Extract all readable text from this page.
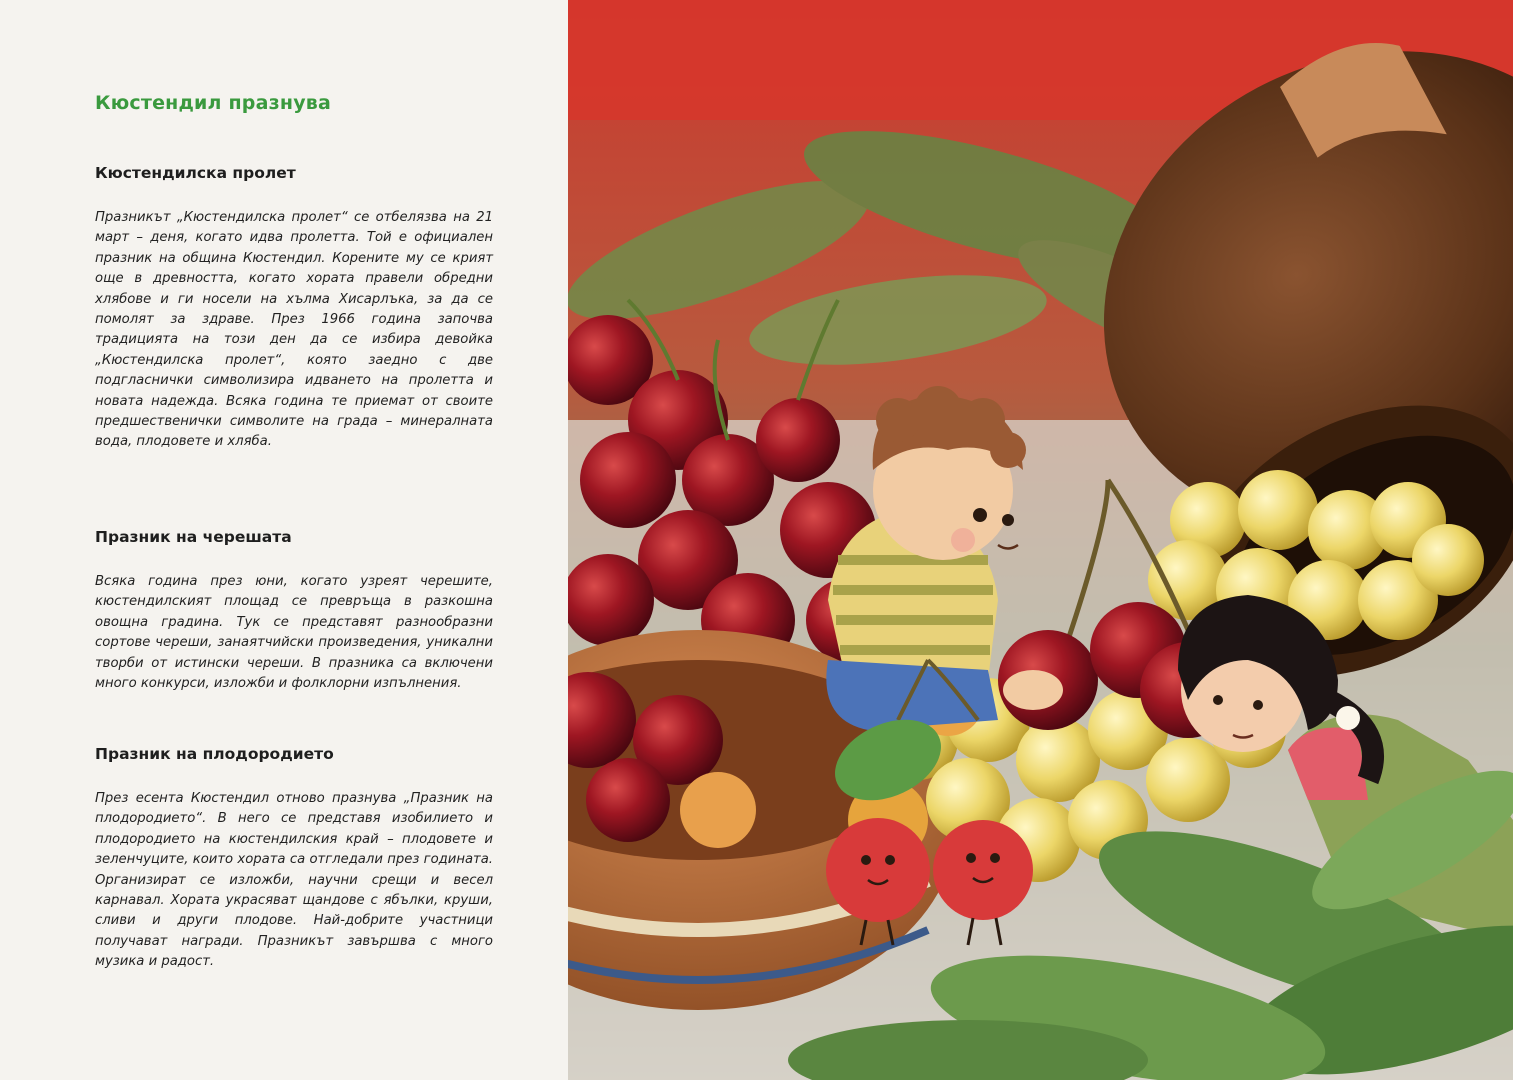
Кюстендил празнува
Кюстендилска пролет

Празникът „Кюстендилска пролет“ се отбелязва на 21 март – деня, когато идва пролетта. Той е официален празник на община Кюстендил. Корените му се крият още в древността, когато хората правели обредни хлябове и ги носели на хълма Хисарлъка, за да се помолят за здраве. През 1966 година започва традицията на този ден да се избира девойка „Кюстендилска пролет“, която заедно с две подгласнички символизира идването на пролетта и новата надежда. Всяка година те приемат от своите предшественички символите на града – минералната вода, плодовете и хляба.

Празник на черешата

Всяка година през юни, когато узреят черешите, кюстендилският площад се превръща в разкошна овощна градина. Тук се представят разнообразни сортове череши, занаятчийски произведения, уникални творби от истински череши. В празника са включени много конкурси, изложби и фолклорни изпълнения.

Празник на плодородието

През есента Кюстендил отново празнува „Празник на плодородието“. В него се представя изобилието и плодородието на кюстендилския край – плодовете и зеленчуците, които хората са отгледали през годината. Организират се изложби, научни срещи и весел карнавал. Хората украсяват щандове с ябълки, круши, сливи и други плодове. Най-добрите участници получават награди. Празникът завършва с много музика и радост.
